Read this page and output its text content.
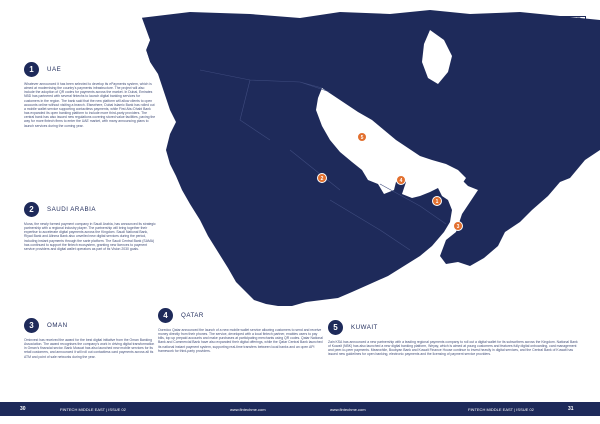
5
2	4
1
3
1	UAE
Whatever announced it has been selected to develop its ePayments system, which is aimed at modernising the country's payments infrastructure. The project will also include the adoption of QR codes for payments across the market. In Dubai, Emirates NBD has partnered with several fintechs to launch digital banking services for customers in the region. The bank said that the new platform will allow clients to open accounts online without visiting a branch. Elsewhere, Dubai Islamic Bank has rolled out a mobile wallet service supporting contactless payments, while First Abu Dhabi Bank has expanded its open banking platform to include more third-party providers. The central bank has also issued new regulations covering stored value facilities, paving the way for more fintech firms to enter the UAE market, with many announcing plans to launch services during the coming year.
2	SAUDI ARABIA
Muna, the newly formed payment company in Saudi Arabia, has announced its strategic partnership with a regional industry player. The partnership will bring together their expertise to accelerate digital payments across the Kingdom. Saudi National Bank, Riyad Bank and Alinma Bank also unveiled new digital services during the period, including instant payments through the sarie platform. The Saudi Central Bank (SAMA) has continued to support the fintech ecosystem, granting new licences to payment service providers and digital wallet operators as part of its Vision 2030 goals.
3	OMAN
Ominvest has received the award for the best digital initiative from the Oman Banking Association. The award recognises the company's work in driving digital transformation in Oman's financial sector. Bank Muscat has also launched new mobile services for its retail customers, and announced it will roll out contactless card payments across all its ATM and point of sale networks during the year.
4	QATAR
Ooredoo Qatar announced the launch of a new mobile wallet service allowing customers to send and receive money directly from their phones. The service, developed with a local fintech partner, enables users to pay bills, top up prepaid accounts and make purchases at participating merchants using QR codes. Qatar National Bank and Commercial Bank have also expanded their digital offerings, while the Qatar Central Bank launched its national instant payment system, supporting real-time transfers between local banks and an open API framework for third-party providers.
5	KUWAIT
Zain KSA has announced a new partnership with a leading regional payments company to roll out a digital wallet for its subscribers across the Kingdom. National Bank of Kuwait (NBK) has also launched a new digital banking platform, Weyay, which is aimed at young customers and features fully digital onboarding, card management and peer-to-peer payments. Meanwhile, Boubyan Bank and Kuwait Finance House continue to invest heavily in digital services, and the Central Bank of Kuwait has issued new guidelines for open banking, electronic payments and the licensing of payment service providers.
30	FINTECH MIDDLE EAST | ISSUE 02	www.fintechme.com	www.fintechme.com	FINTECH MIDDLE EAST | ISSUE 02	31
